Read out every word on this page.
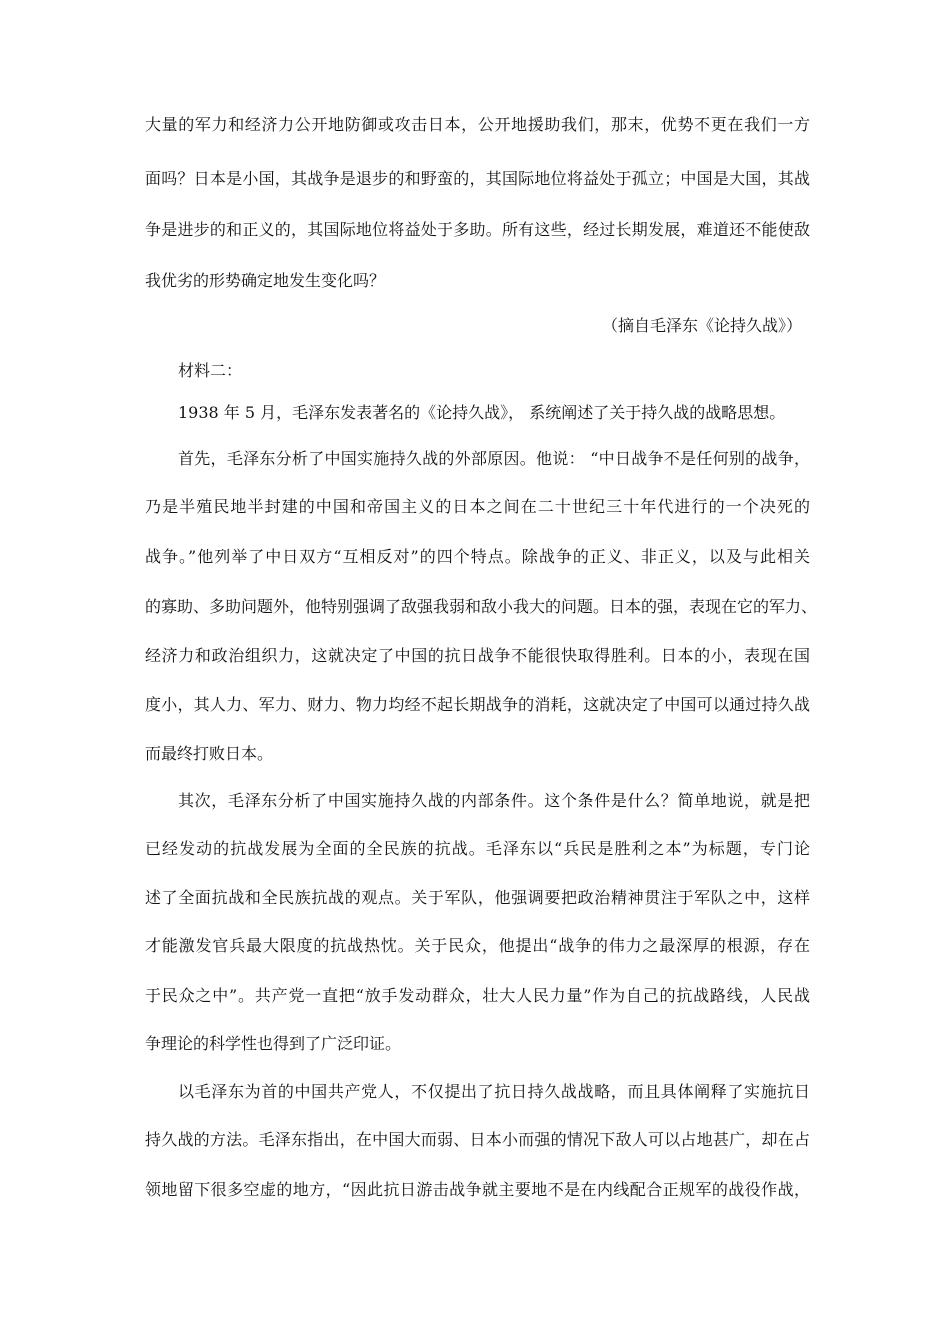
大量的军力和经济力公开地防御或攻击日本，公开地援助我们，那末，优势不更在我们一方
面吗？日本是小国，其战争是退步的和野蛮的，其国际地位将益处于孤立；中国是大国，其战
争是进步的和正义的，其国际地位将益处于多助。所有这些，经过长期发展，难道还不能使敌
我优劣的形势确定地发生变化吗？
（摘自毛泽东《论持久战》）
材料二：
1938 年 5 月，毛泽东发表著名的《论持久战》， 系统阐述了关于持久战的战略思想。
首先，毛泽东分析了中国实施持久战的外部原因。他说： “中日战争不是任何别的战争，
乃是半殖民地半封建的中国和帝国主义的日本之间在二十世纪三十年代进行的一个决死的
战争。”他列举了中日双方“互相反对”的四个特点。除战争的正义、非正义，以及与此相关
的寡助、多助问题外，他特别强调了敌强我弱和敌小我大的问题。日本的强，表现在它的军力、
经济力和政治组织力，这就决定了中国的抗日战争不能很快取得胜利。日本的小，表现在国
度小，其人力、军力、财力、物力均经不起长期战争的消耗，这就决定了中国可以通过持久战
而最终打败日本。
其次，毛泽东分析了中国实施持久战的内部条件。这个条件是什么？简单地说，就是把
已经发动的抗战发展为全面的全民族的抗战。毛泽东以“兵民是胜利之本”为标题，专门论
述了全面抗战和全民族抗战的观点。关于军队，他强调要把政治精神贯注于军队之中，这样
才能激发官兵最大限度的抗战热忱。关于民众，他提出“战争的伟力之最深厚的根源，存在
于民众之中”。共产党一直把“放手发动群众，壮大人民力量”作为自己的抗战路线，人民战
争理论的科学性也得到了广泛印证。
以毛泽东为首的中国共产党人，不仅提出了抗日持久战战略，而且具体阐释了实施抗日
持久战的方法。毛泽东指出，在中国大而弱、日本小而强的情况下敌人可以占地甚广，却在占
领地留下很多空虚的地方，“因此抗日游击战争就主要地不是在内线配合正规军的战役作战，
